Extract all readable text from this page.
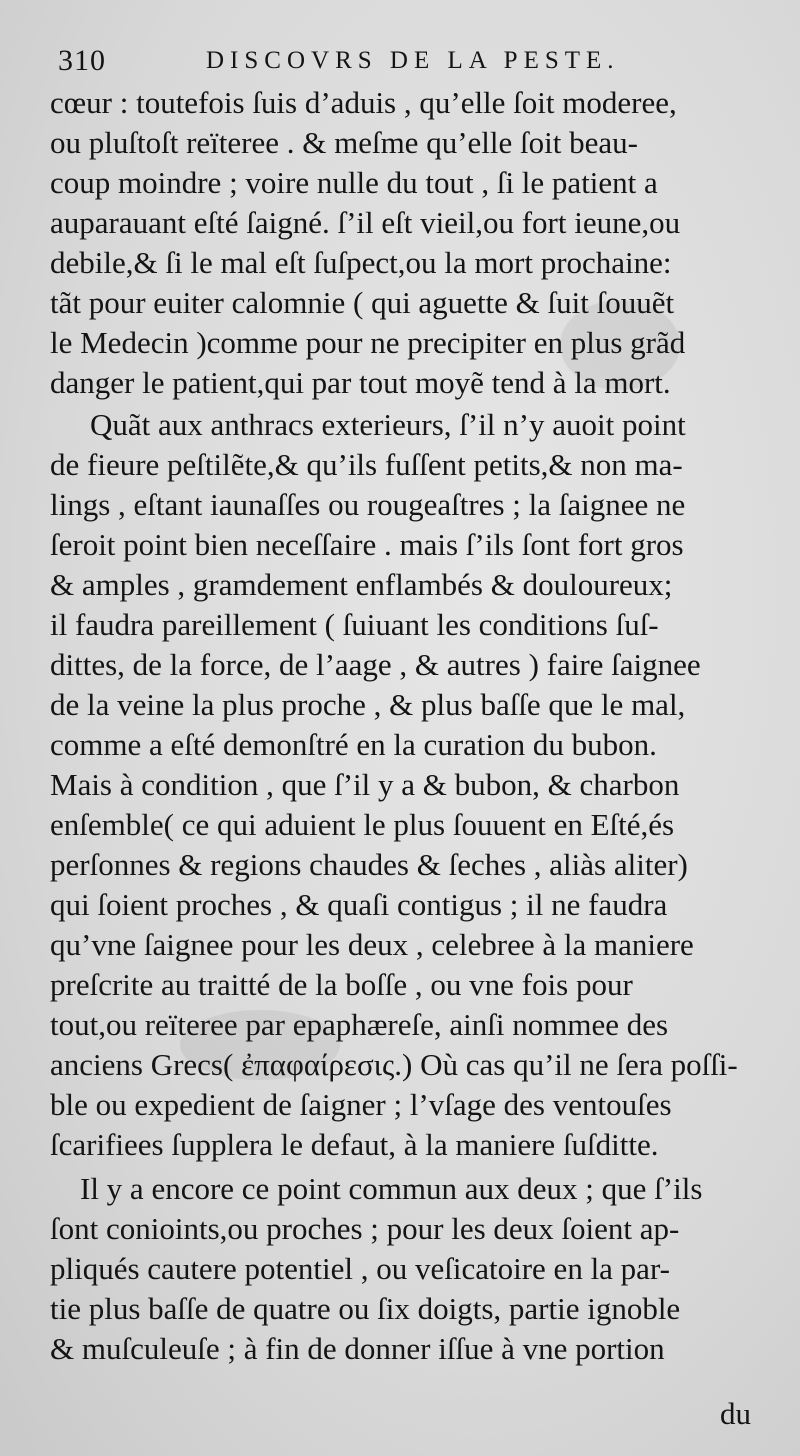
310	DISCOVRS DE LA PESTE.
cœur : toutefois ſuis d’aduis , qu’elle ſoit moderee,
ou pluſtoſt reïteree . & meſme qu’elle ſoit beau-
coup moindre ; voire nulle du tout , ſi le patient a
auparauant eſté ſaigné. ſ’il eſt vieil,ou fort ieune,ou
debile,& ſi le mal eſt ſuſpect,ou la mort prochaine:
tãt pour euiter calomnie ( qui aguette & ſuit ſouuẽt
le Medecin )comme pour ne precipiter en plus grãd
danger le patient,qui par tout moyẽ tend à la mort.
Quãt aux anthracs exterieurs, ſ’il n’y auoit point
de fieure peſtilẽte,& qu’ils fuſſent petits,& non ma-
lings , eſtant iaunaſſes ou rougeaſtres ; la ſaignee ne
ſeroit point bien neceſſaire . mais ſ’ils ſont fort gros
& amples , gramdement enflambés & douloureux;
il faudra pareillement ( ſuiuant les conditions ſuſ-
dittes, de la force, de l’aage , & autres ) faire ſaignee
de la veine la plus proche , & plus baſſe que le mal,
comme a eſté demonſtré en la curation du bubon.
Mais à condition , que ſ’il y a & bubon, & charbon
enſemble( ce qui aduient le plus ſouuent en Eſté,és
perſonnes & regions chaudes & ſeches , aliàs aliter)
qui ſoient proches , & quaſi contigus ; il ne faudra
qu’vne ſaignee pour les deux , celebree à la maniere
preſcrite au traitté de la boſſe , ou vne fois pour
tout,ou reïteree par epaphæreſe, ainſi nommee des
anciens Grecs( ἐπαφαίρεσις.) Où cas qu’il ne ſera poſſi-
ble ou expedient de ſaigner ; l’vſage des ventouſes
ſcarifiees ſupplera le defaut, à la maniere ſuſditte.
Il y a encore ce point commun aux deux ; que ſ’ils
ſont conioints,ou proches ; pour les deux ſoient ap-
pliqués cautere potentiel , ou veſicatoire en la par-
tie plus baſſe de quatre ou ſix doigts, partie ignoble
& muſculeuſe ; à fin de donner iſſue à vne portion
du
